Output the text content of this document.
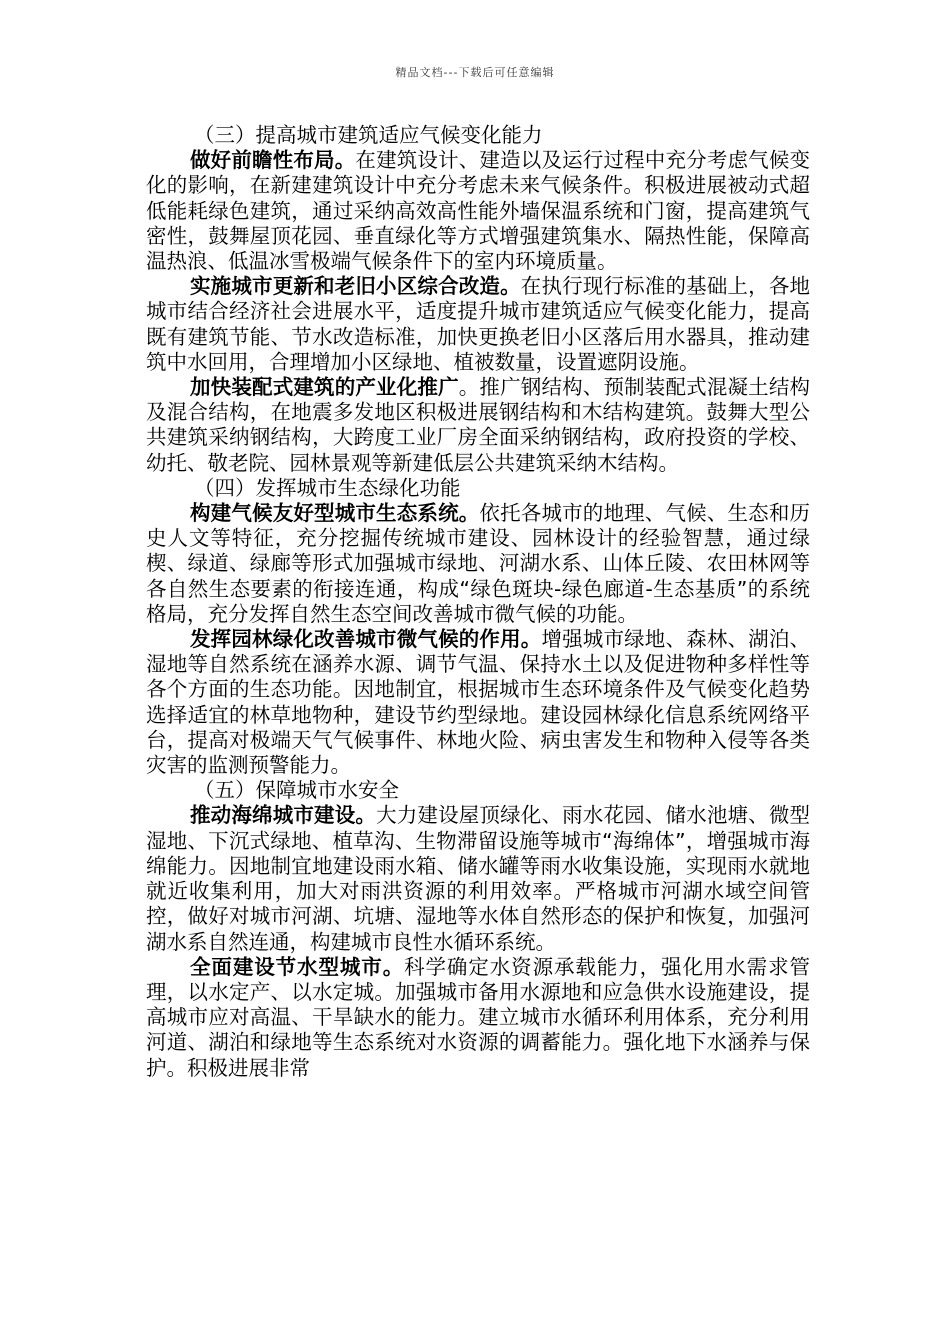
精品文档---下载后可任意编辑

（三）提高城市建筑适应气候变化能力

做好前瞻性布局。在建筑设计、建造以及运行过程中充分考虑气候变化的影响，在新建建筑设计中充分考虑未来气候条件。积极进展被动式超低能耗绿色建筑，通过采纳高效高性能外墙保温系统和门窗，提高建筑气密性，鼓舞屋顶花园、垂直绿化等方式增强建筑集水、隔热性能，保障高温热浪、低温冰雪极端气候条件下的室内环境质量。

实施城市更新和老旧小区综合改造。在执行现行标准的基础上，各地城市结合经济社会进展水平，适度提升城市建筑适应气候变化能力，提高既有建筑节能、节水改造标准，加快更换老旧小区落后用水器具，推动建筑中水回用，合理增加小区绿地、植被数量，设置遮阴设施。

加快装配式建筑的产业化推广。推广钢结构、预制装配式混凝土结构及混合结构，在地震多发地区积极进展钢结构和木结构建筑。鼓舞大型公共建筑采纳钢结构，大跨度工业厂房全面采纳钢结构，政府投资的学校、幼托、敬老院、园林景观等新建低层公共建筑采纳木结构。

（四）发挥城市生态绿化功能

构建气候友好型城市生态系统。依托各城市的地理、气候、生态和历史人文等特征，充分挖掘传统城市建设、园林设计的经验智慧，通过绿楔、绿道、绿廊等形式加强城市绿地、河湖水系、山体丘陵、农田林网等各自然生态要素的衔接连通，构成“绿色斑块-绿色廊道-生态基质”的系统格局，充分发挥自然生态空间改善城市微气候的功能。

发挥园林绿化改善城市微气候的作用。增强城市绿地、森林、湖泊、湿地等自然系统在涵养水源、调节气温、保持水土以及促进物种多样性等各个方面的生态功能。因地制宜，根据城市生态环境条件及气候变化趋势选择适宜的林草地物种，建设节约型绿地。建设园林绿化信息系统网络平台，提高对极端天气气候事件、林地火险、病虫害发生和物种入侵等各类灾害的监测预警能力。

（五）保障城市水安全

推动海绵城市建设。大力建设屋顶绿化、雨水花园、储水池塘、微型湿地、下沉式绿地、植草沟、生物滞留设施等城市“海绵体”，增强城市海绵能力。因地制宜地建设雨水箱、储水罐等雨水收集设施，实现雨水就地就近收集利用，加大对雨洪资源的利用效率。严格城市河湖水域空间管控，做好对城市河湖、坑塘、湿地等水体自然形态的保护和恢复，加强河湖水系自然连通，构建城市良性水循环系统。

全面建设节水型城市。科学确定水资源承载能力，强化用水需求管理，以水定产、以水定城。加强城市备用水源地和应急供水设施建设，提高城市应对高温、干旱缺水的能力。建立城市水循环利用体系，充分利用河道、湖泊和绿地等生态系统对水资源的调蓄能力。强化地下水涵养与保护。积极进展非常
